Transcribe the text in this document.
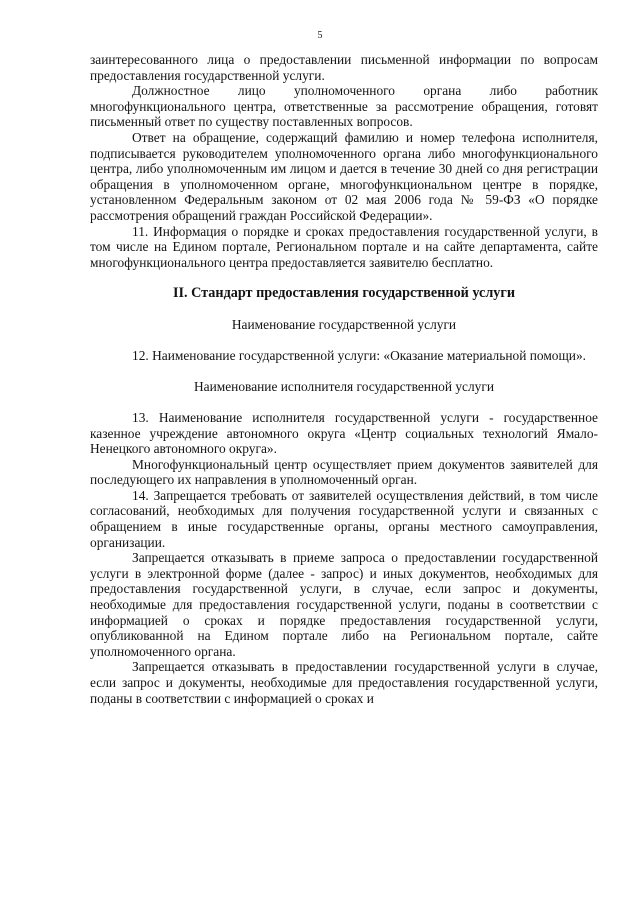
5

заинтересованного лица о предоставлении письменной информации по вопросам предоставления государственной услуги.

Должностное лицо уполномоченного органа либо работник многофункционального центра, ответственные за рассмотрение обращения, готовят письменный ответ по существу поставленных вопросов.

Ответ на обращение, содержащий фамилию и номер телефона исполнителя, подписывается руководителем уполномоченного органа либо многофункционального центра, либо уполномоченным им лицом и дается в течение 30 дней со дня регистрации обращения в уполномоченном органе, многофункциональном центре в порядке, установленном Федеральным законом от 02 мая 2006 года № 59-ФЗ «О порядке рассмотрения обращений граждан Российской Федерации».

11. Информация о порядке и сроках предоставления государственной услуги, в том числе на Едином портале, Региональном портале и на сайте департамента, сайте многофункционального центра предоставляется заявителю бесплатно.

II. Стандарт предоставления государственной услуги
Наименование государственной услуги

12. Наименование государственной услуги: «Оказание материальной помощи».

Наименование исполнителя государственной услуги

13. Наименование исполнителя государственной услуги - государственное казенное учреждение автономного округа «Центр социальных технологий Ямало-Ненецкого автономного округа».

Многофункциональный центр осуществляет прием документов заявителей для последующего их направления в уполномоченный орган.

14. Запрещается требовать от заявителей осуществления действий, в том числе согласований, необходимых для получения государственной услуги и связанных с обращением в иные государственные органы, органы местного самоуправления, организации.

Запрещается отказывать в приеме запроса о предоставлении государственной услуги в электронной форме (далее - запрос) и иных документов, необходимых для предоставления государственной услуги, в случае, если запрос и документы, необходимые для предоставления государственной услуги, поданы в соответствии с информацией о сроках и порядке предоставления государственной услуги, опубликованной на Едином портале либо на Региональном портале, сайте уполномоченного органа.

Запрещается отказывать в предоставлении государственной услуги в случае, если запрос и документы, необходимые для предоставления государственной услуги, поданы в соответствии с информацией о сроках и
